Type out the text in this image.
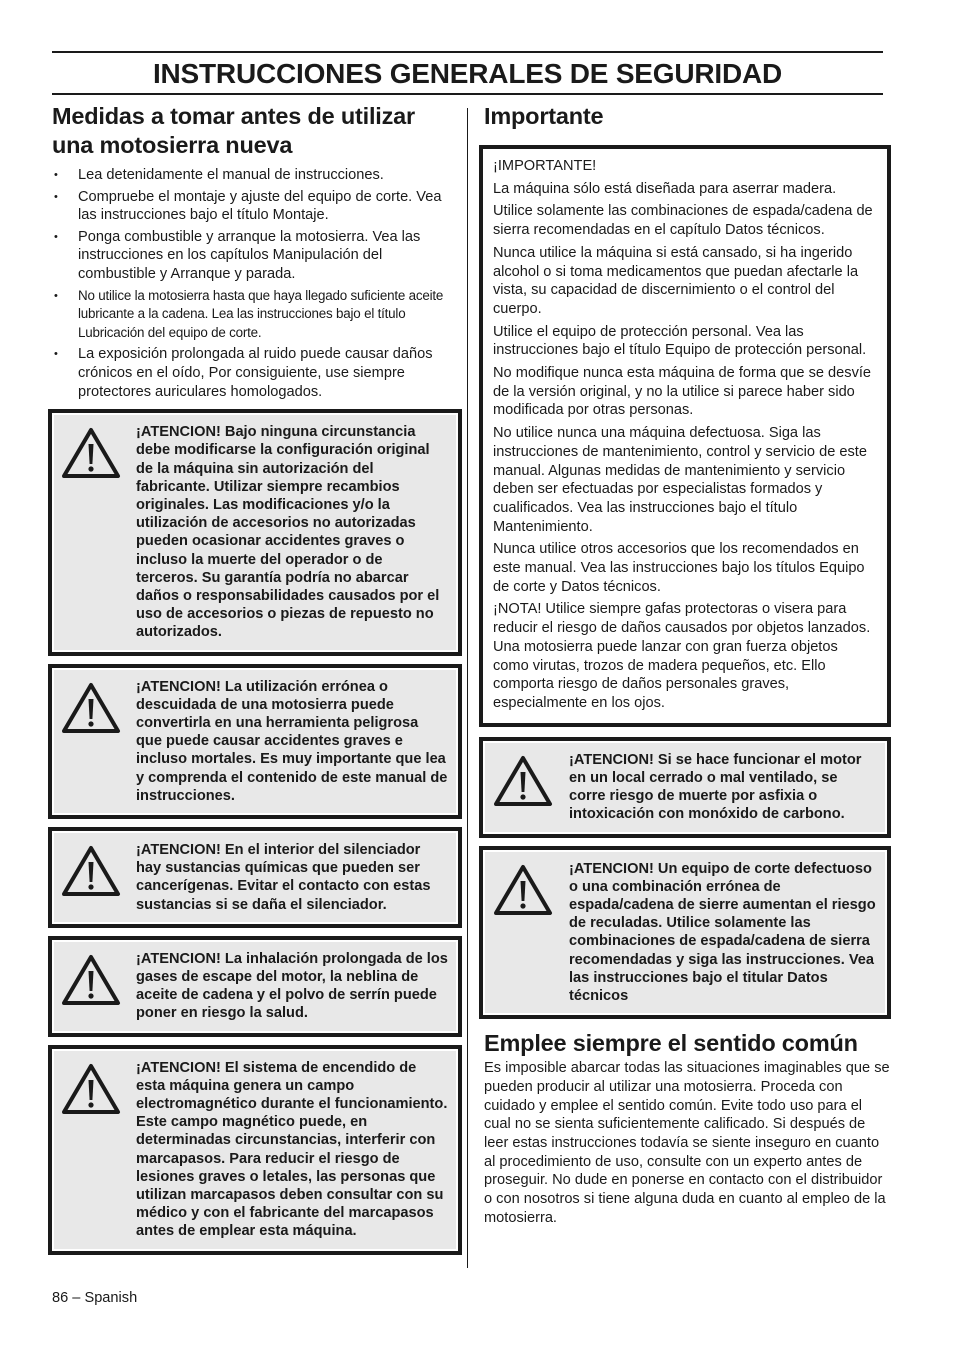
INSTRUCCIONES GENERALES DE SEGURIDAD
Medidas a tomar antes de utilizar una motosierra nueva
• Lea detenidamente el manual de instrucciones.
• Compruebe el montaje y ajuste del equipo de corte. Vea las instrucciones bajo el título Montaje.
• Ponga combustible y arranque la motosierra. Vea las instrucciones en los capítulos Manipulación del combustible y Arranque y parada.
• No utilice la motosierra hasta que haya llegado suficiente aceite lubricante a la cadena. Lea las instrucciones bajo el título Lubricación del equipo de corte.
• La exposición prolongada al ruido puede causar daños crónicos en el oído, Por consiguiente, use siempre protectores auriculares homologados.
¡ATENCION! Bajo ninguna circunstancia debe modificarse la configuración original de la máquina sin autorización del fabricante. Utilizar siempre recambios originales. Las modificaciones y/o la utilización de accesorios no autorizadas pueden ocasionar accidentes graves o incluso la muerte del operador o de terceros. Su garantía podría no abarcar daños o responsabilidades causados por el uso de accesorios o piezas de repuesto no autorizados.
¡ATENCION! La utilización errónea o descuidada de una motosierra puede convertirla en una herramienta peligrosa que puede causar accidentes graves e incluso mortales. Es muy importante que lea y comprenda el contenido de este manual de instrucciones.
¡ATENCION! En el interior del silenciador hay sustancias químicas que pueden ser cancerígenas. Evitar el contacto con estas sustancias si se daña el silenciador.
¡ATENCION! La inhalación prolongada de los gases de escape del motor, la neblina de aceite de cadena y el polvo de serrín puede poner en riesgo la salud.
¡ATENCION! El sistema de encendido de esta máquina genera un campo electromagnético durante el funcionamiento. Este campo magnético puede, en determinadas circunstancias, interferir con marcapasos. Para reducir el riesgo de lesiones graves o letales, las personas que utilizan marcapasos deben consultar con su médico y con el fabricante del marcapasos antes de emplear esta máquina.
Importante

¡IMPORTANTE!

La máquina sólo está diseñada para aserrar madera.

Utilice solamente las combinaciones de espada/cadena de sierra recomendadas en el capítulo Datos técnicos.

Nunca utilice la máquina si está cansado, si ha ingerido alcohol o si toma medicamentos que puedan afectarle la vista, su capacidad de discernimiento o el control del cuerpo.

Utilice el equipo de protección personal. Vea las instrucciones bajo el título Equipo de protección personal.

No modifique nunca esta máquina de forma que se desvíe de la versión original, y no la utilice si parece haber sido modificada por otras personas.

No utilice nunca una máquina defectuosa. Siga las instrucciones de mantenimiento, control y servicio de este manual. Algunas medidas de mantenimiento y servicio deben ser efectuadas por especialistas formados y cualificados. Vea las instrucciones bajo el título Mantenimiento.

Nunca utilice otros accesorios que los recomendados en este manual. Vea las instrucciones bajo los títulos Equipo de corte y Datos técnicos.

¡NOTA! Utilice siempre gafas protectoras o visera para reducir el riesgo de daños causados por objetos lanzados. Una motosierra puede lanzar con gran fuerza objetos como virutas, trozos de madera pequeños, etc. Ello comporta riesgo de daños personales graves, especialmente en los ojos.

¡ATENCION! Si se hace funcionar el motor en un local cerrado o mal ventilado, se corre riesgo de muerte por asfixia o intoxicación con monóxido de carbono.
¡ATENCION! Un equipo de corte defectuoso o una combinación errónea de espada/cadena de sierre aumentan el riesgo de reculadas. Utilice solamente las combinaciones de espada/cadena de sierra recomendadas y siga las instrucciones. Vea las instrucciones bajo el titular Datos técnicos
Emplee siempre el sentido común
Es imposible abarcar todas las situaciones imaginables que se pueden producir al utilizar una motosierra. Proceda con cuidado y emplee el sentido común. Evite todo uso para el cual no se sienta suficientemente calificado. Si después de leer estas instrucciones todavía se siente inseguro en cuanto al procedimiento de uso, consulte con un experto antes de proseguir. No dude en ponerse en contacto con el distribuidor o con nosotros si tiene alguna duda en cuanto al empleo de la motosierra.
86 – Spanish
